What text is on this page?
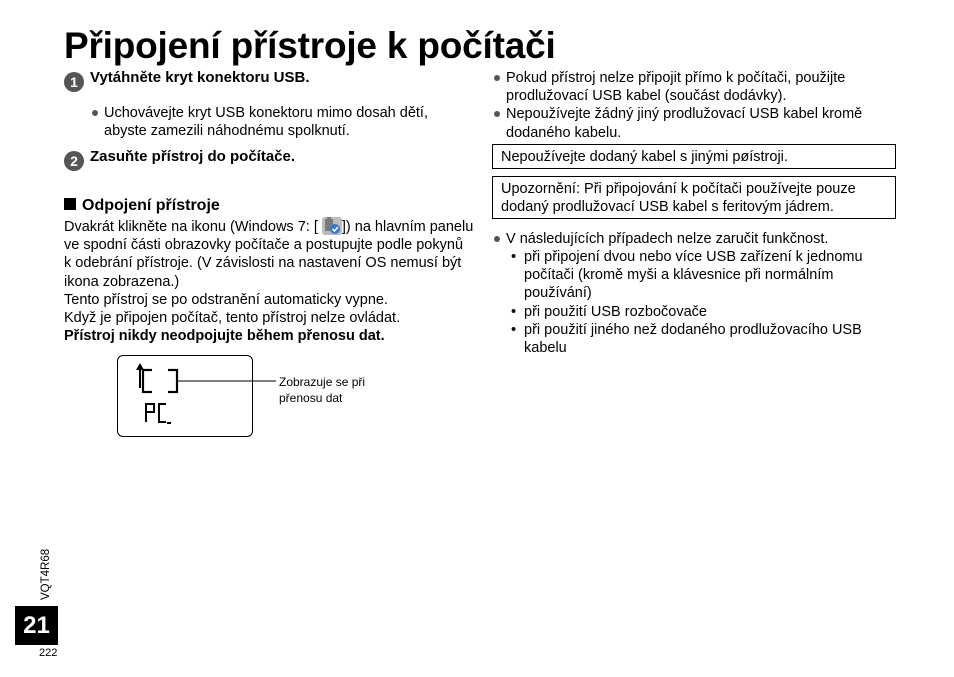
Připojení přístroje k počítači
1 Vytáhněte kryt konektoru USB.
Uchovávejte kryt USB konektoru mimo dosah dětí, abyste zamezili náhodnému spolknutí.
2 Zasuňte přístroj do počítače.
Odpojení přístroje
Dvakrát klikněte na ikonu (Windows 7: [ ]) na hlavním panelu ve spodní části obrazovky počítače a postupujte podle pokynů k odebrání přístroje. (V závislosti na nastavení OS nemusí být ikona zobrazena.)
Tento přístroj se po odstranění automaticky vypne.
Když je připojen počítač, tento přístroj nelze ovládat.
Přístroj nikdy neodpojujte během přenosu dat.
Zobrazuje se při přenosu dat
Pokud přístroj nelze připojit přímo k počítači, použijte prodlužovací USB kabel (součást dodávky).
Nepoužívejte žádný jiný prodlužovací USB kabel kromě dodaného kabelu.
Nepoužívejte dodaný kabel s jinými pøístroji.
Upozornění: Při připojování k počítači používejte pouze dodaný prodlužovací USB kabel s feritovým jádrem.
V následujících případech nelze zaručit funkčnost.
• při připojení dvou nebo více USB zařízení k jednomu počítači (kromě myši a klávesnice při normálním používání)
• při použití USB rozbočovače
• při použití jiného než dodaného prodlužovacího USB kabelu
VQT4R68
21
222
